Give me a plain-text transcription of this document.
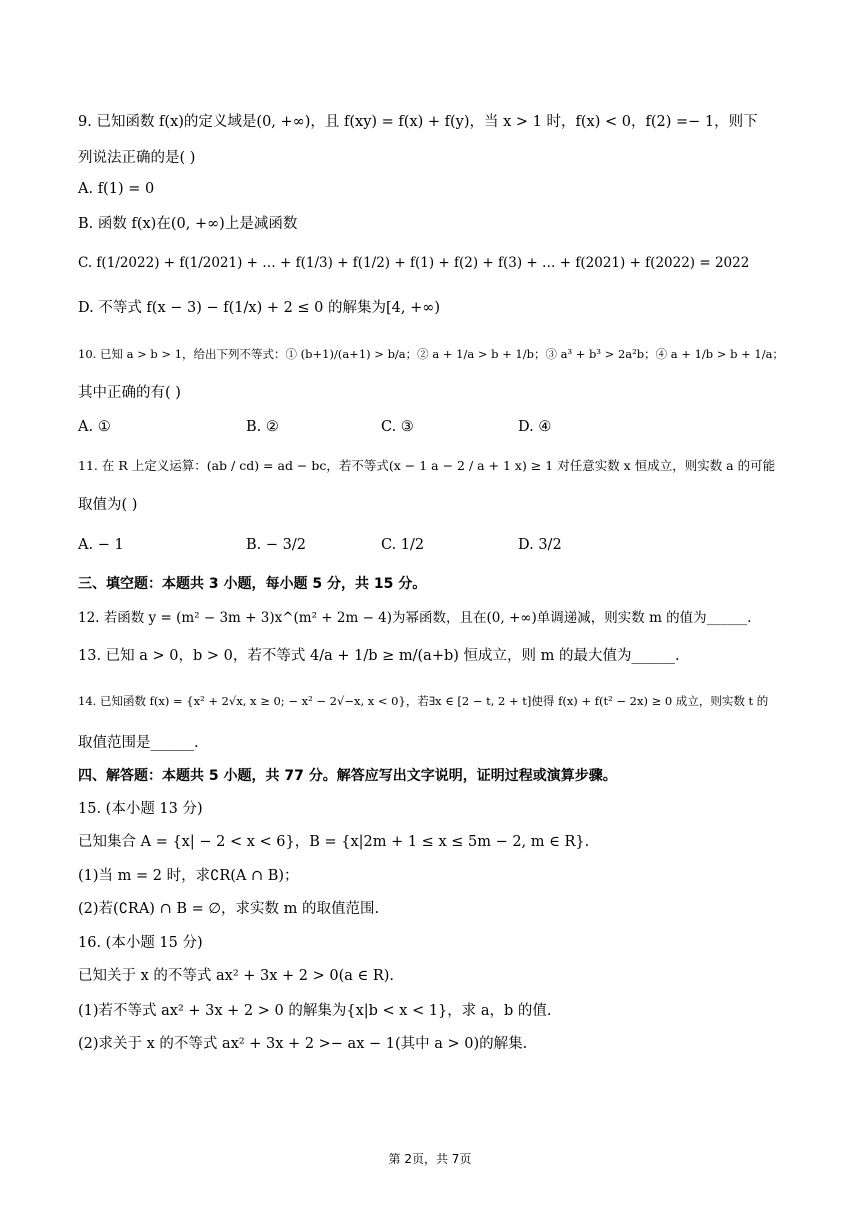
9. 已知函数 f(x)的定义域是(0, +∞)，且 f(xy) = f(x) + f(y)，当 x > 1 时，f(x) < 0，f(2) =− 1，则下
列说法正确的是( )
A. f(1) = 0
B. 函数 f(x)在(0, +∞)上是减函数
C. f(1/2022) + f(1/2021) + … + f(1/3) + f(1/2) + f(1) + f(2) + f(3) + … + f(2021) + f(2022) = 2022
D. 不等式 f(x − 3) − f(1/x) + 2 ≤ 0 的解集为[4, +∞)
10. 已知 a > b > 1，给出下列不等式：① (b+1)/(a+1) > b/a；② a + 1/a > b + 1/b；③ a³ + b³ > 2a²b；④ a + 1/b > b + 1/a；
其中正确的有( )
A. ①	B. ②	C. ③	D. ④
11. 在 R 上定义运算：(ab / cd) = ad − bc，若不等式(x − 1 a − 2 / a + 1 x) ≥ 1 对任意实数 x 恒成立，则实数 a 的可能
取值为( )
A. − 1	B. − 3/2	C. 1/2	D. 3/2
三、填空题：本题共 3 小题，每小题 5 分，共 15 分。
12. 若函数 y = (m² − 3m + 3)x^(m² + 2m − 4)为幂函数，且在(0, +∞)单调递减，则实数 m 的值为______.
13. 已知 a > 0，b > 0，若不等式 4/a + 1/b ≥ m/(a+b) 恒成立，则 m 的最大值为______.
14. 已知函数 f(x) = {x² + 2√x, x ≥ 0; − x² − 2√−x, x < 0}，若∃x ∈ [2 − t, 2 + t]使得 f(x) + f(t² − 2x) ≥ 0 成立，则实数 t 的
取值范围是______.
四、解答题：本题共 5 小题，共 77 分。解答应写出文字说明，证明过程或演算步骤。
15. (本小题 13 分)
已知集合 A = {x| − 2 < x < 6}，B = {x|2m + 1 ≤ x ≤ 5m − 2, m ∈ R}.
(1)当 m = 2 时，求∁R(A ∩ B)；
(2)若(∁RA) ∩ B = ∅，求实数 m 的取值范围.
16. (本小题 15 分)
已知关于 x 的不等式 ax² + 3x + 2 > 0(a ∈ R).
(1)若不等式 ax² + 3x + 2 > 0 的解集为{x|b < x < 1}，求 a，b 的值.
(2)求关于 x 的不等式 ax² + 3x + 2 >− ax − 1(其中 a > 0)的解集.
第 2页，共 7页
